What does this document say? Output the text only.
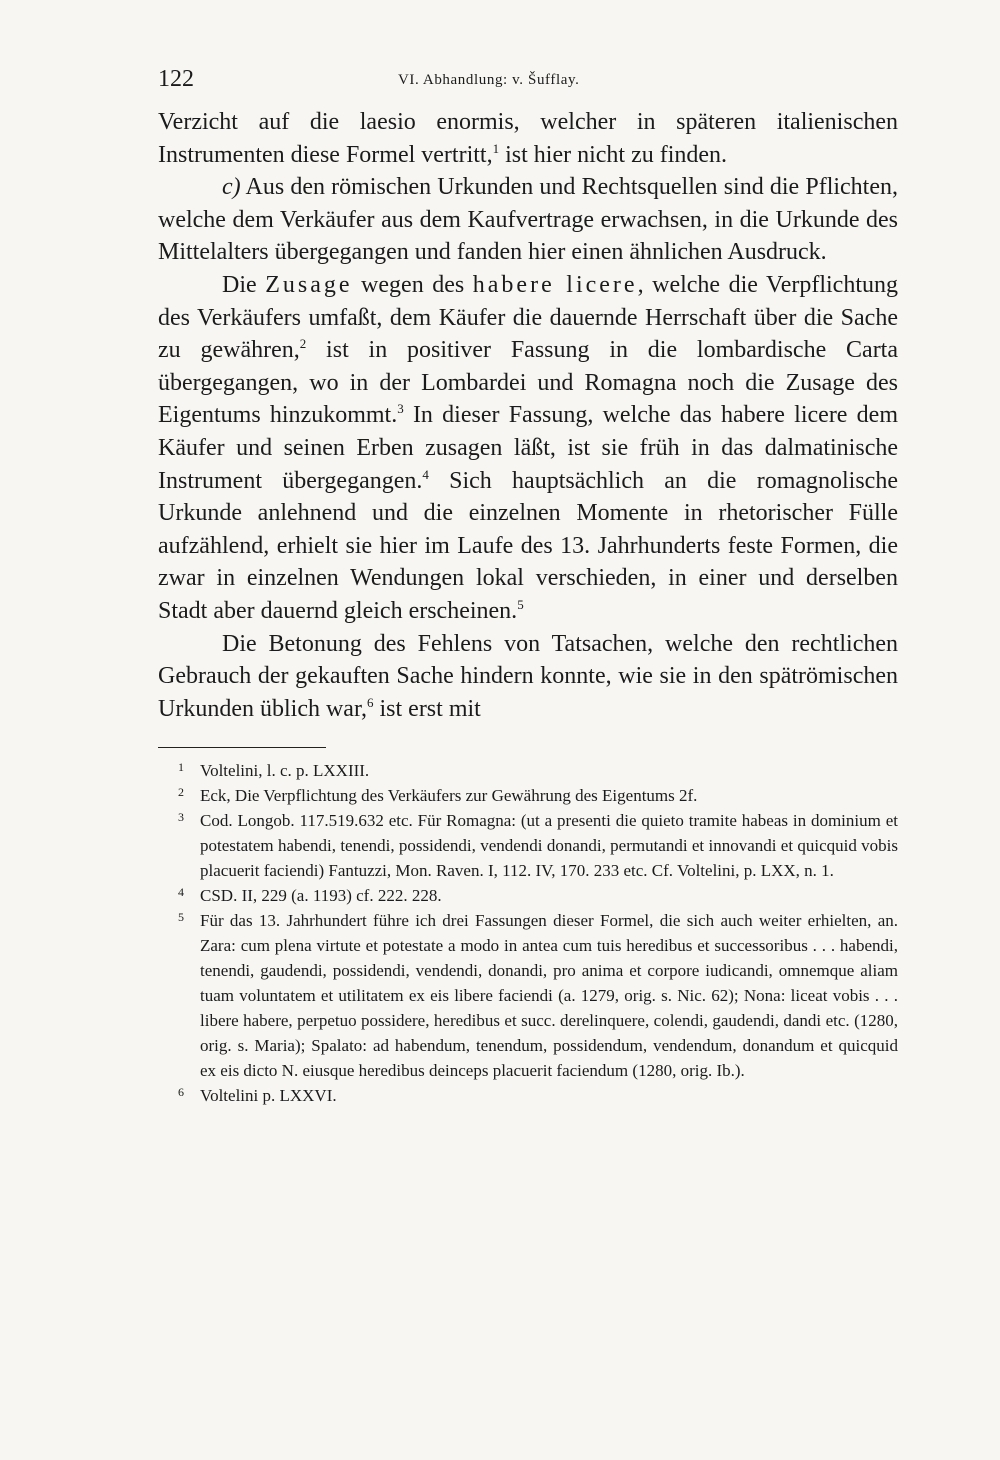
122	VI. Abhandlung: v. Šufflay.

Verzicht auf die laesio enormis, welcher in späteren italienischen Instrumenten diese Formel vertritt,$^1$ ist hier nicht zu finden.

c) Aus den römischen Urkunden und Rechtsquellen sind die Pflichten, welche dem Verkäufer aus dem Kaufvertrage erwachsen, in die Urkunde des Mittelalters übergegangen und fanden hier einen ähnlichen Ausdruck.

Die Zusage wegen des habere licere, welche die Verpflichtung des Verkäufers umfaßt, dem Käufer die dauernde Herrschaft über die Sache zu gewähren,$^2$ ist in positiver Fassung in die lombardische Carta übergegangen, wo in der Lombardei und Romagna noch die Zusage des Eigentums hinzukommt.$^3$ In dieser Fassung, welche das habere licere dem Käufer und seinen Erben zusagen läßt, ist sie früh in das dalmatinische Instrument übergegangen.$^4$ Sich hauptsächlich an die romagnolische Urkunde anlehnend und die einzelnen Momente in rhetorischer Fülle aufzählend, erhielt sie hier im Laufe des 13. Jahrhunderts feste Formen, die zwar in einzelnen Wendungen lokal verschieden, in einer und derselben Stadt aber dauernd gleich erscheinen.$^5$

Die Betonung des Fehlens von Tatsachen, welche den rechtlichen Gebrauch der gekauften Sache hindern konnte, wie sie in den spätrömischen Urkunden üblich war,$^6$ ist erst mit

1 Voltelini, l. c. p. LXXIII.
2 Eck, Die Verpflichtung des Verkäufers zur Gewährung des Eigentums 2f.
3 Cod. Longob. 117.519.632 etc. Für Romagna: (ut a presenti die quieto tramite habeas in dominium et potestatem habendi, tenendi, possidendi, vendendi donandi, permutandi et innovandi et quicquid vobis placuerit faciendi) Fantuzzi, Mon. Raven. I, 112. IV, 170. 233 etc. Cf. Voltelini, p. LXX, n. 1.
4 CSD. II, 229 (a. 1193) cf. 222. 228.
5 Für das 13. Jahrhundert führe ich drei Fassungen dieser Formel, die sich auch weiter erhielten, an. Zara: cum plena virtute et potestate a modo in antea cum tuis heredibus et successoribus . . . habendi, tenendi, gaudendi, possidendi, vendendi, donandi, pro anima et corpore iudicandi, omnemque aliam tuam voluntatem et utilitatem ex eis libere faciendi (a. 1279, orig. s. Nic. 62); Nona: liceat vobis . . . libere habere, perpetuo possidere, heredibus et succ. derelinquere, colendi, gaudendi, dandi etc. (1280, orig. s. Maria); Spalato: ad habendum, tenendum, possidendum, vendendum, donandum et quicquid ex eis dicto N. eiusque heredibus deinceps placuerit faciendum (1280, orig. Ib.).
6 Voltelini p. LXXVI.
